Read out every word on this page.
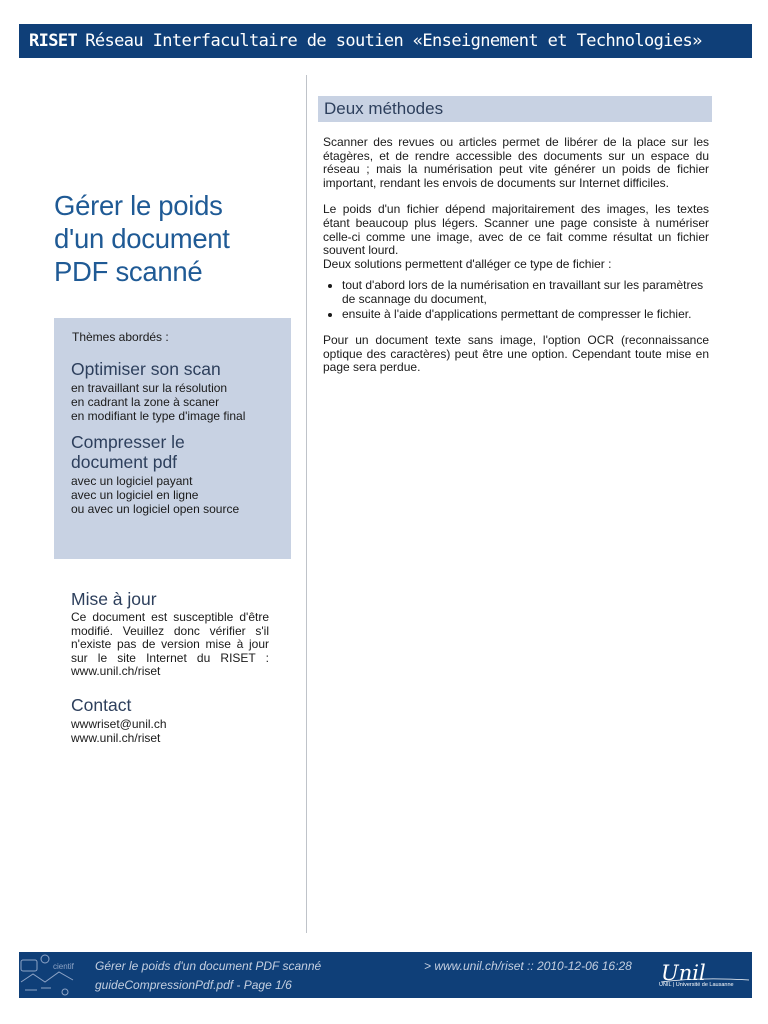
RISET Réseau Interfacultaire de soutien «Enseignement et Technologies»
Gérer le poids
d'un document
PDF scanné
Thèmes abordés :
Optimiser son scan
en travaillant sur la résolution
en cadrant la zone à scaner
en modifiant le type d'image final
Compresser le document pdf
avec un logiciel payant
avec un logiciel en ligne
ou avec un logiciel open source
Mise à jour

Ce document est susceptible d'être modifié. Veuillez donc vérifier s'il n'existe pas de version mise à jour sur le site Internet du RISET : www.unil.ch/riset

Contact
wwwriset@unil.ch
www.unil.ch/riset
Deux méthodes

Scanner des revues ou articles permet de libérer de la place sur les étagères, et de rendre accessible des documents sur un espace du réseau ; mais la numérisation peut vite générer un poids de fichier important, rendant les envois de documents sur Internet difficiles.

Le poids d'un fichier dépend majoritairement des images, les textes étant beaucoup plus légers. Scanner une page consiste à numériser celle-ci comme une image, avec de ce fait comme résultat un fichier souvent lourd.

Deux solutions permettent d'alléger ce type de fichier :

• tout d'abord lors de la numérisation en travaillant sur les paramètres de scannage du document,
• ensuite à l'aide d'applications permettant de compresser le fichier.

Pour un document texte sans image, l'option OCR (reconnaissance optique des caractères) peut être une option. Cependant toute mise en page sera perdue.

cientif Gérer le poids d'un document PDF scanné	> www.unil.ch/riset :: 2010-12-06 16:28
guideCompressionPdf.pdf - Page 1/6	Unil
UNIL | Université de Lausanne
